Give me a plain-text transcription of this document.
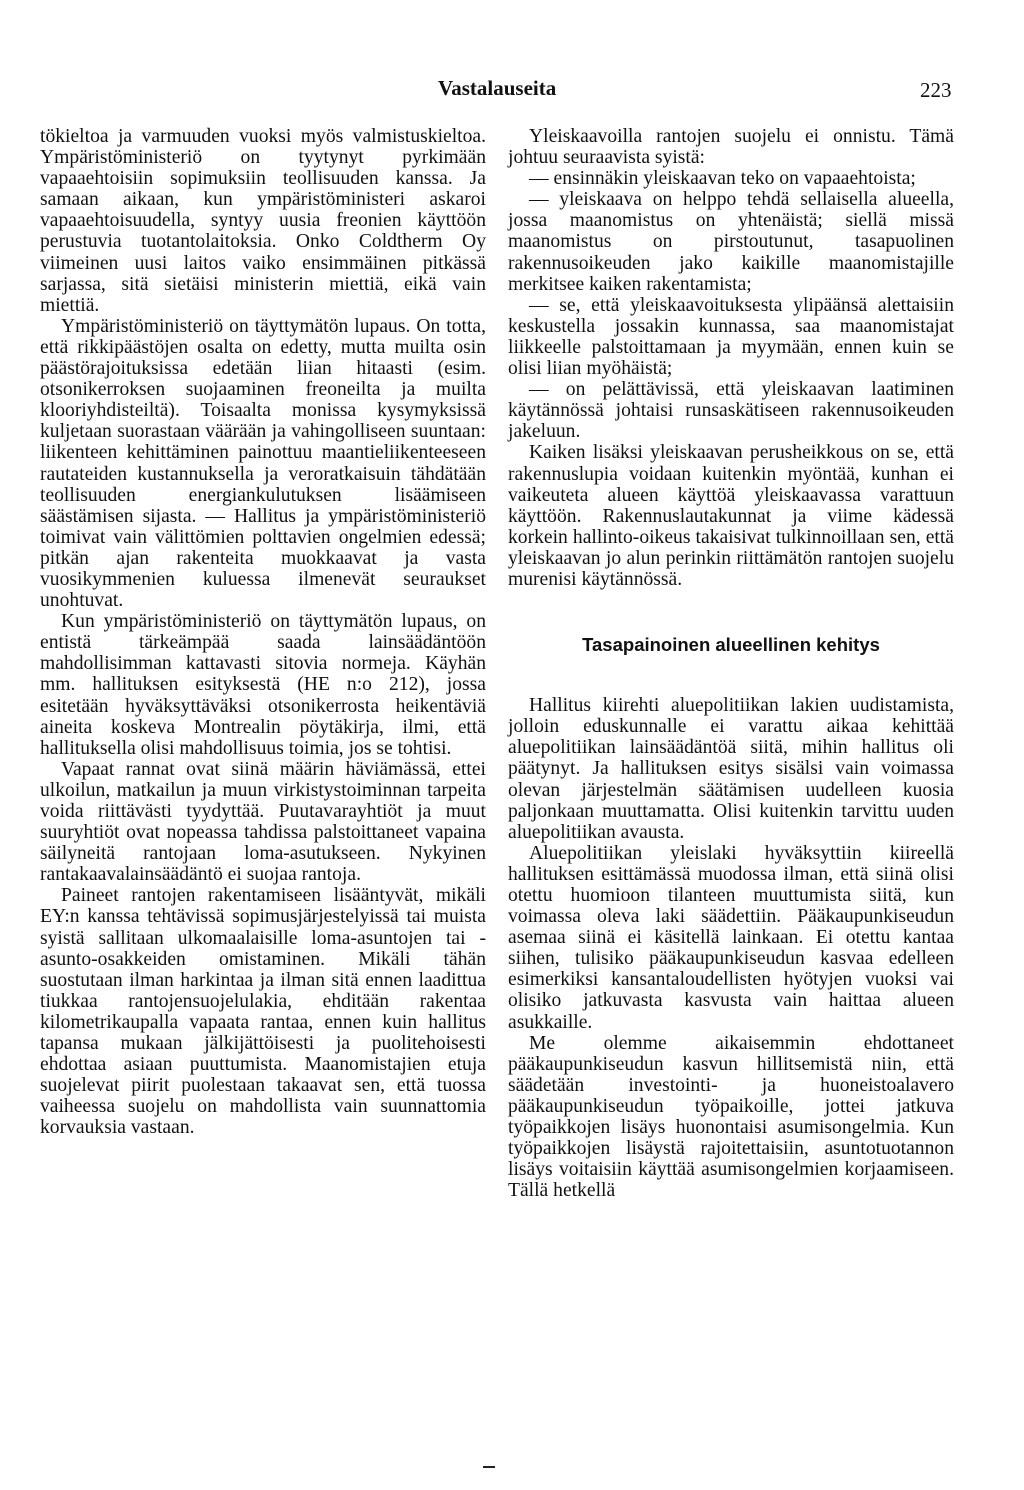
Vastalauseita	223

tökieltoa ja varmuuden vuoksi myös valmistuskieltoa. Ympäristöministeriö on tyytynyt pyrkimään vapaaehtoisiin sopimuksiin teollisuuden kanssa. Ja samaan aikaan, kun ympäristöministeri askaroi vapaaehtoisuudella, syntyy uusia freonien käyttöön perustuvia tuotantolaitoksia. Onko Coldtherm Oy viimeinen uusi laitos vaiko ensimmäinen pitkässä sarjassa, sitä sietäisi ministerin miettiä, eikä vain miettiä.

Ympäristöministeriö on täyttymätön lupaus. On totta, että rikkipäästöjen osalta on edetty, mutta muilta osin päästörajoituksissa edetään liian hitaasti (esim. otsonikerroksen suojaaminen freoneilta ja muilta klooriyhdisteiltä). Toisaalta monissa kysymyksissä kuljetaan suorastaan väärään ja vahingolliseen suuntaan: liikenteen kehittäminen painottuu maantieliikenteeseen rautateiden kustannuksella ja veroratkaisuin tähdätään teollisuuden energiankulutuksen lisäämiseen säästämisen sijasta. — Hallitus ja ympäristöministeriö toimivat vain välittömien polttavien ongelmien edessä; pitkän ajan rakenteita muokkaavat ja vasta vuosikymmenien kuluessa ilmenevät seuraukset unohtuvat.

Kun ympäristöministeriö on täyttymätön lupaus, on entistä tärkeämpää saada lainsäädäntöön mahdollisimman kattavasti sitovia normeja. Käyhän mm. hallituksen esityksestä (HE n:o 212), jossa esitetään hyväksyttäväksi otsonikerrosta heikentäviä aineita koskeva Montrealin pöytäkirja, ilmi, että hallituksella olisi mahdollisuus toimia, jos se tohtisi.

Vapaat rannat ovat siinä määrin häviämässä, ettei ulkoilun, matkailun ja muun virkistystoiminnan tarpeita voida riittävästi tyydyttää. Puutavarayhtiöt ja muut suuryhtiöt ovat nopeassa tahdissa palstoittaneet vapaina säilyneitä rantojaan loma-asutukseen. Nykyinen rantakaavalainsäädäntö ei suojaa rantoja.

Paineet rantojen rakentamiseen lisääntyvät, mikäli EY:n kanssa tehtävissä sopimusjärjestelyissä tai muista syistä sallitaan ulkomaalaisille loma-asuntojen tai -asunto-osakkeiden omistaminen. Mikäli tähän suostutaan ilman harkintaa ja ilman sitä ennen laadittua tiukkaa rantojensuojelulakia, ehditään rakentaa kilometrikaupalla vapaata rantaa, ennen kuin hallitus tapansa mukaan jälkijättöisesti ja puolitehoisesti ehdottaa asiaan puuttumista. Maanomistajien etuja suojelevat piirit puolestaan takaavat sen, että tuossa vaiheessa suojelu on mahdollista vain suunnattomia korvauksia vastaan.

Yleiskaavoilla rantojen suojelu ei onnistu. Tämä johtuu seuraavista syistä:

— ensinnäkin yleiskaavan teko on vapaaehtoista;

— yleiskaava on helppo tehdä sellaisella alueella, jossa maanomistus on yhtenäistä; siellä missä maanomistus on pirstoutunut, tasapuolinen rakennusoikeuden jako kaikille maanomistajille merkitsee kaiken rakentamista;

— se, että yleiskaavoituksesta ylipäänsä alettaisiin keskustella jossakin kunnassa, saa maanomistajat liikkeelle palstoittamaan ja myymään, ennen kuin se olisi liian myöhäistä;

— on pelättävissä, että yleiskaavan laatiminen käytännössä johtaisi runsaskätiseen rakennusoikeuden jakeluun.

Kaiken lisäksi yleiskaavan perusheikkous on se, että rakennuslupia voidaan kuitenkin myöntää, kunhan ei vaikeuteta alueen käyttöä yleiskaavassa varattuun käyttöön. Rakennuslautakunnat ja viime kädessä korkein hallinto-oikeus takaisivat tulkinnoillaan sen, että yleiskaavan jo alun perinkin riittämätön rantojen suojelu murenisi käytännössä.

Tasapainoinen alueellinen kehitys

Hallitus kiirehti aluepolitiikan lakien uudistamista, jolloin eduskunnalle ei varattu aikaa kehittää aluepolitiikan lainsäädäntöä siitä, mihin hallitus oli päätynyt. Ja hallituksen esitys sisälsi vain voimassa olevan järjestelmän säätämisen uudelleen kuosia paljonkaan muuttamatta. Olisi kuitenkin tarvittu uuden aluepolitiikan avausta.

Aluepolitiikan yleislaki hyväksyttiin kiireellä hallituksen esittämässä muodossa ilman, että siinä olisi otettu huomioon tilanteen muuttumista siitä, kun voimassa oleva laki säädettiin. Pääkaupunkiseudun asemaa siinä ei käsitellä lainkaan. Ei otettu kantaa siihen, tulisiko pääkaupunkiseudun kasvaa edelleen esimerkiksi kansantaloudellisten hyötyjen vuoksi vai olisiko jatkuvasta kasvusta vain haittaa alueen asukkaille.

Me olemme aikaisemmin ehdottaneet pääkaupunkiseudun kasvun hillitsemistä niin, että säädetään investointi- ja huoneistoalavero pääkaupunkiseudun työpaikoille, jottei jatkuva työpaikkojen lisäys huonontaisi asumisongelmia. Kun työpaikkojen lisäystä rajoitettaisiin, asuntotuotannon lisäys voitaisiin käyttää asumisongelmien korjaamiseen. Tällä hetkellä
